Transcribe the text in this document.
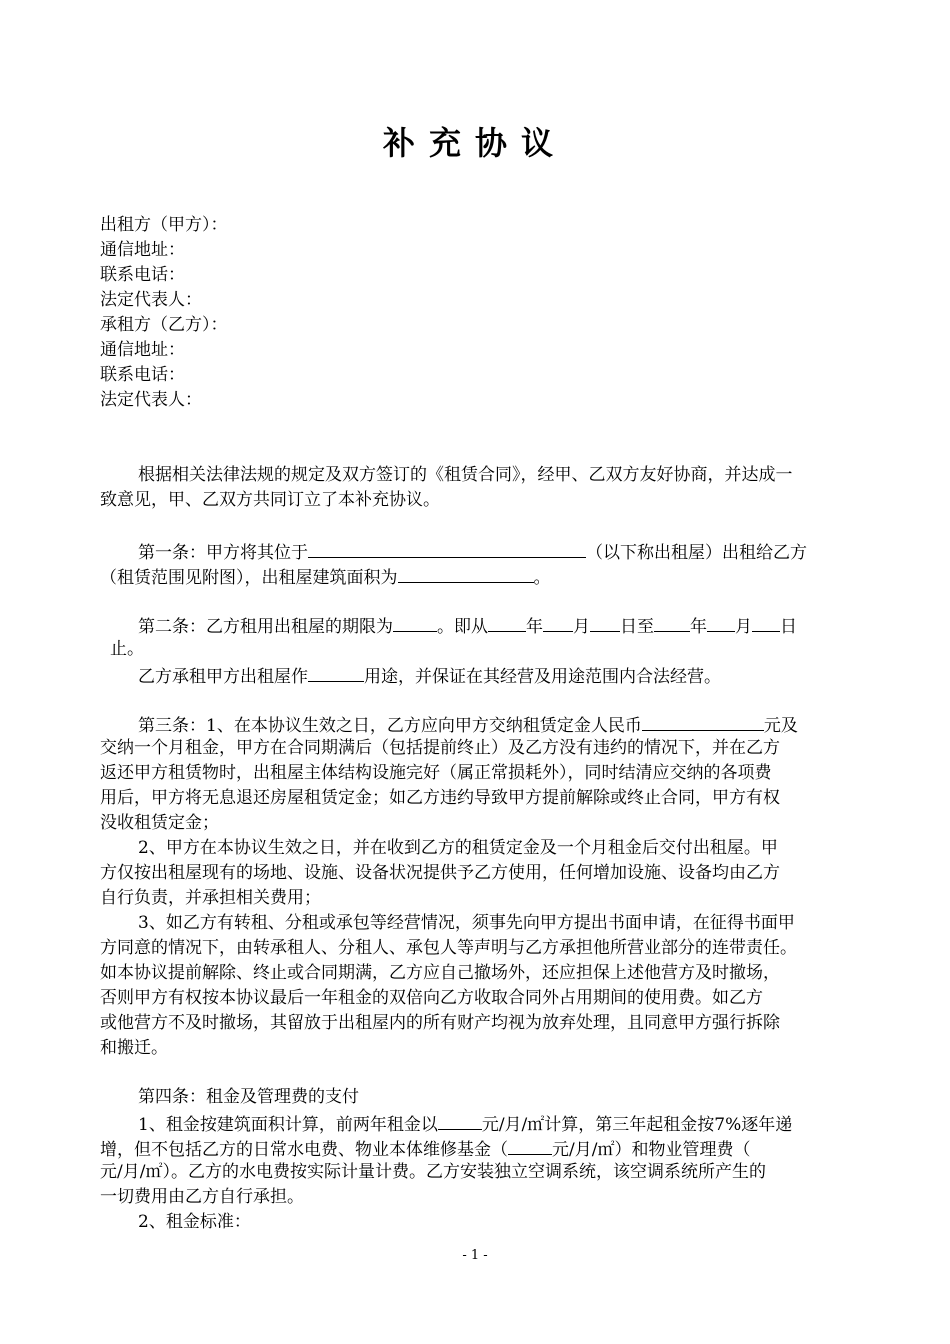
补充协议
出租方（甲方）：
通信地址：
联系电话：
法定代表人：
承租方（乙方）：
通信地址：
联系电话：
法定代表人：
根据相关法律法规的规定及双方签订的《租赁合同》，经甲、乙双方友好协商，并达成一
致意见，甲、乙双方共同订立了本补充协议。
第一条：甲方将其位于	（以下称出租屋）出租给乙方
（租赁范围见附图），出租屋建筑面积为	。
第二条：乙方租用出租屋的期限为	。即从 年 月 日至 年 月 日
止。
乙方承租甲方出租屋作	用途，并保证在其经营及用途范围内合法经营。
第三条：1、在本协议生效之日，乙方应向甲方交纳租赁定金人民币	元及
交纳一个月租金，甲方在合同期满后（包括提前终止）及乙方没有违约的情况下，并在乙方
返还甲方租赁物时，出租屋主体结构设施完好（属正常损耗外），同时结清应交纳的各项费
用后，甲方将无息退还房屋租赁定金；如乙方违约导致甲方提前解除或终止合同，甲方有权
没收租赁定金；
2、甲方在本协议生效之日，并在收到乙方的租赁定金及一个月租金后交付出租屋。甲
方仅按出租屋现有的场地、设施、设备状况提供予乙方使用，任何增加设施、设备均由乙方
自行负责，并承担相关费用；
3、如乙方有转租、分租或承包等经营情况，须事先向甲方提出书面申请，在征得书面甲
方同意的情况下，由转承租人、分租人、承包人等声明与乙方承担他所营业部分的连带责任。
如本协议提前解除、终止或合同期满，乙方应自己撤场外，还应担保上述他营方及时撤场，
否则甲方有权按本协议最后一年租金的双倍向乙方收取合同外占用期间的使用费。如乙方
或他营方不及时撤场，其留放于出租屋内的所有财产均视为放弃处理，且同意甲方强行拆除
和搬迁。
第四条：租金及管理费的支付
1、租金按建筑面积计算，前两年租金以	元/月/㎡计算，第三年起租金按7%逐年递
增，但不包括乙方的日常水电费、物业本体维修基金（	元/月/㎡）和物业管理费（
元/月/㎡）。乙方的水电费按实际计量计费。乙方安装独立空调系统，该空调系统所产生的
一切费用由乙方自行承担。
2、租金标准：
- 1 -
